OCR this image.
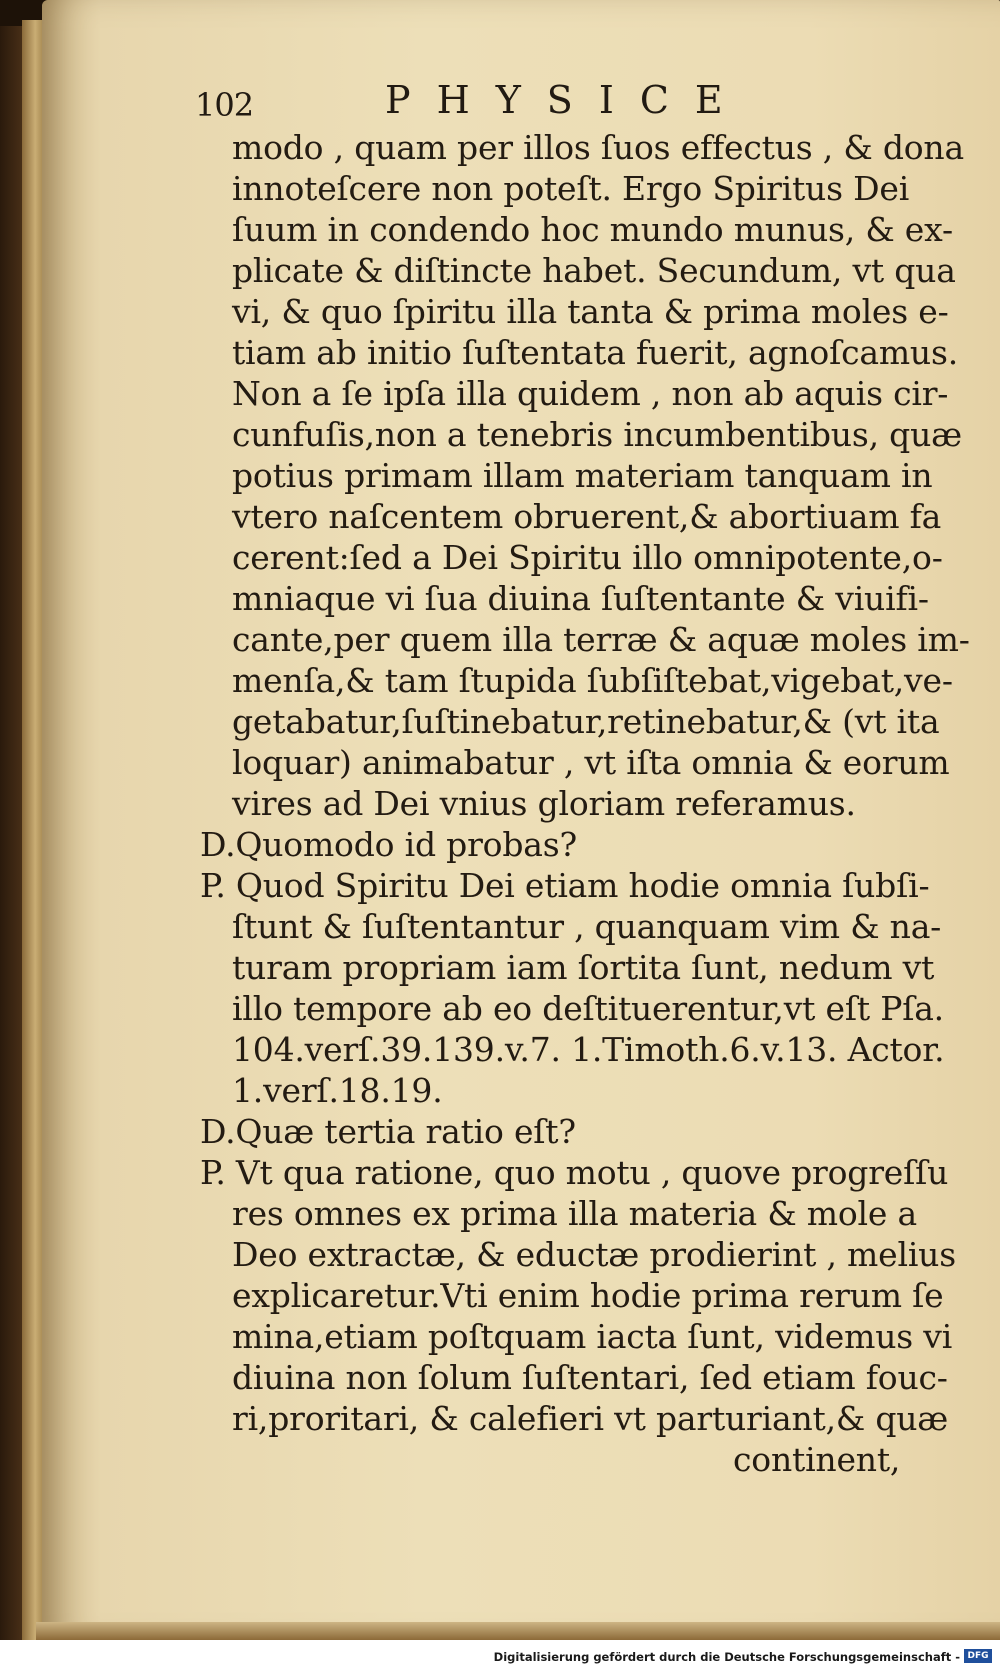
102	PHYSICE
modo , quam per illos ſuos effectus , & dona
innoteſcere non poteſt. Ergo Spiritus Dei
ſuum in condendo hoc mundo munus, & ex-
plicate & diſtincte habet. Secundum, vt qua
vi, & quo ſpiritu illa tanta & prima moles e-
tiam ab initio ſuſtentata fuerit, agnoſcamus.
Non a ſe ipſa illa quidem , non ab aquis cir-
cunfuſis,non a tenebris incumbentibus, quæ
potius primam illam materiam tanquam in
vtero naſcentem obruerent,& abortiuam fa
cerent:ſed a Dei Spiritu illo omnipotente,o-
mniaque vi ſua diuina ſuſtentante & viuifi-
cante,per quem illa terræ & aquæ moles im-
menſa,& tam ſtupida ſubſiſtebat,vigebat,ve-
getabatur,ſuſtinebatur,retinebatur,& (vt ita
loquar) animabatur , vt iſta omnia & eorum
vires ad Dei vnius gloriam referamus.
D.Quomodo id probas?
P. Quod Spiritu Dei etiam hodie omnia ſubſi-
ſtunt & ſuſtentantur , quanquam vim & na-
turam propriam iam ſortita ſunt, nedum vt
illo tempore ab eo deſtituerentur,vt eſt Pſa.
104.verſ.39.139.v.7. 1.Timoth.6.v.13. Actor.
1.verſ.18.19.
D.Quæ tertia ratio eſt?
P. Vt qua ratione, quo motu , quove progreſſu
res omnes ex prima illa materia & mole a
Deo extractæ, & eductæ prodierint , melius
explicaretur.Vti enim hodie prima rerum ſe
mina,etiam poſtquam iacta ſunt, videmus vi
diuina non ſolum ſuſtentari, ſed etiam fouc-
ri,proritari, & calefieri vt parturiant,& quæ
continent,
Digitalisierung gefördert durch die Deutsche Forschungsgemeinschaft - DFG
